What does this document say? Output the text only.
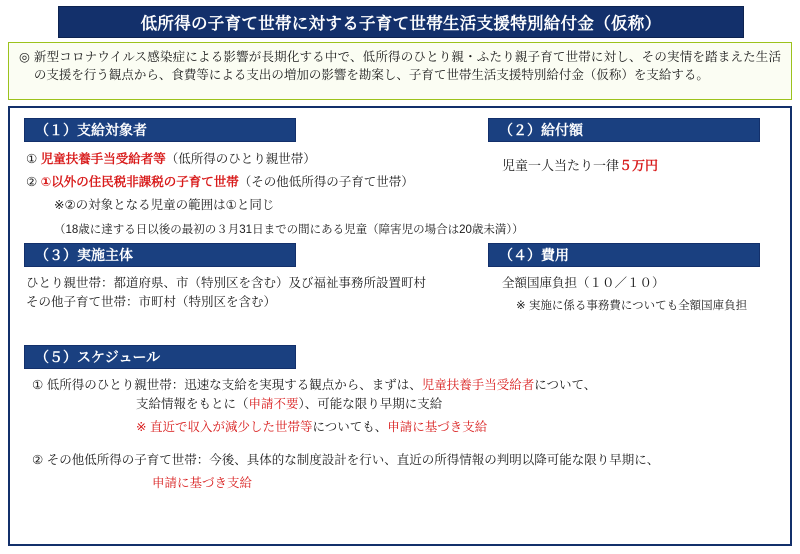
低所得の子育て世帯に対する子育て世帯生活支援特別給付金（仮称）
◎ 新型コロナウイルス感染症による影響が長期化する中で、低所得のひとり親・ふたり親子育て世帯に対し、その実情を踏まえた生活の支援を行う観点から、食費等による支出の増加の影響を勘案し、子育て世帯生活支援特別給付金（仮称）を支給する。
（１）支給対象者
① 児童扶養手当受給者等（低所得のひとり親世帯）
② ①以外の住民税非課税の子育て世帯（その他低所得の子育て世帯）
※②の対象となる児童の範囲は①と同じ
（18歳に達する日以後の最初の３月31日までの間にある児童（障害児の場合は20歳未満））
（２）給付額
児童一人当たり一律５万円
（３）実施主体
ひとり親世帯：都道府県、市（特別区を含む）及び福祉事務所設置町村
その他子育て世帯：市町村（特別区を含む）
（４）費用
全額国庫負担（１０／１０）
※ 実施に係る事務費についても全額国庫負担
（５）スケジュール
① 低所得のひとり親世帯：迅速な支給を実現する観点から、まずは、児童扶養手当受給者について、
支給情報をもとに（申請不要）、可能な限り早期に支給
※ 直近で収入が減少した世帯等についても、申請に基づき支給
② その他低所得の子育て世帯：今後、具体的な制度設計を行い、直近の所得情報の判明以降可能な限り早期に、
申請に基づき支給
